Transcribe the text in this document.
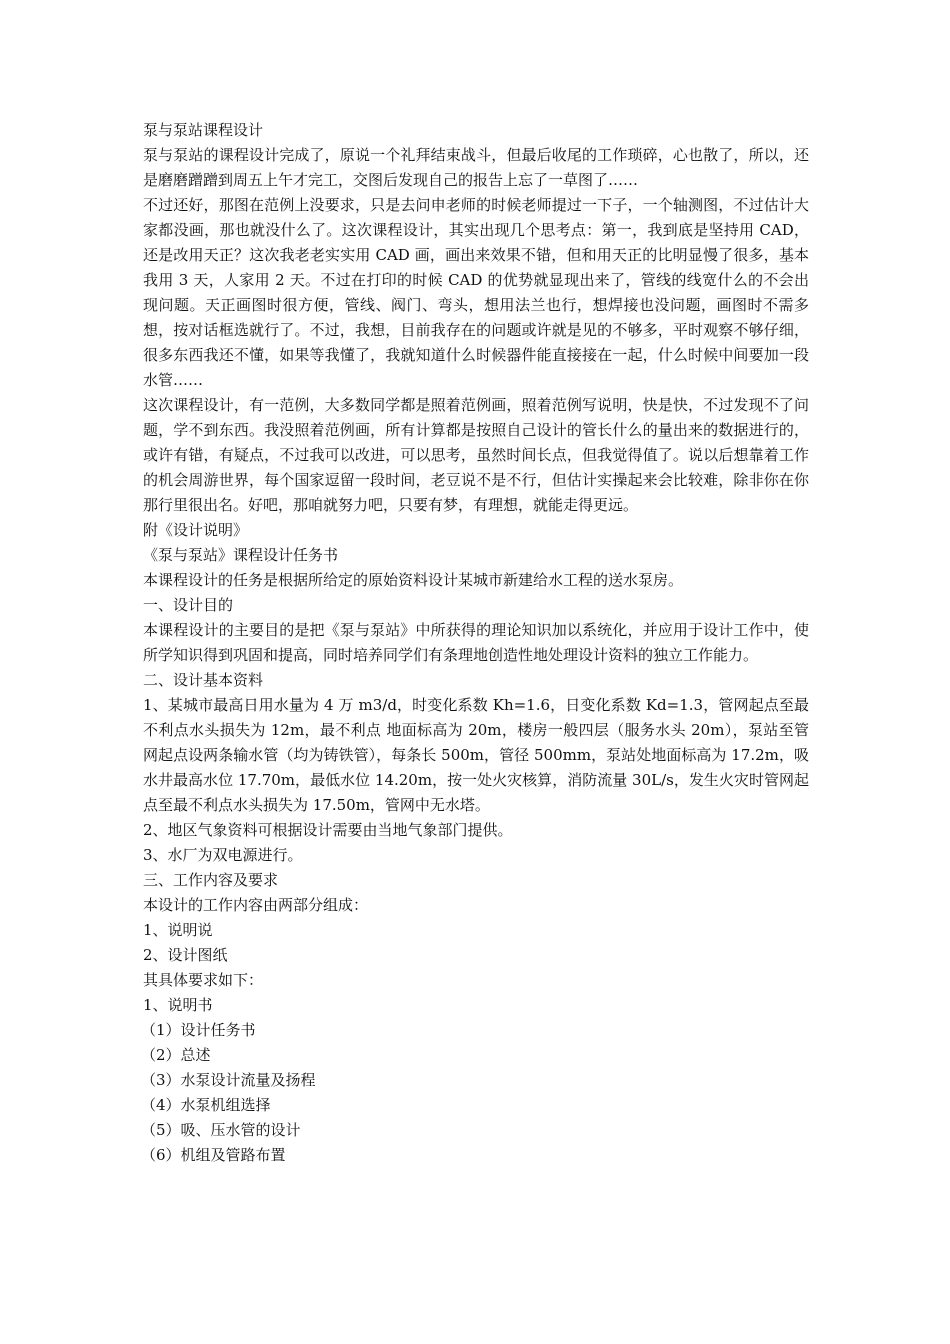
泵与泵站课程设计

泵与泵站的课程设计完成了，原说一个礼拜结束战斗，但最后收尾的工作琐碎，心也散了，所以，还是磨磨蹭蹭到周五上午才完工，交图后发现自己的报告上忘了一草图了……

不过还好，那图在范例上没要求，只是去问申老师的时候老师提过一下子，一个轴测图，不过估计大家都没画，那也就没什么了。这次课程设计，其实出现几个思考点：第一，我到底是坚持用 CAD，还是改用天正？这次我老老实实用 CAD 画，画出来效果不错，但和用天正的比明显慢了很多，基本我用 3 天，人家用 2 天。不过在打印的时候 CAD 的优势就显现出来了，管线的线宽什么的不会出现问题。天正画图时很方便，管线、阀门、弯头，想用法兰也行，想焊接也没问题，画图时不需多想，按对话框选就行了。不过，我想，目前我存在的问题或许就是见的不够多，平时观察不够仔细，很多东西我还不懂，如果等我懂了，我就知道什么时候器件能直接接在一起，什么时候中间要加一段水管……

这次课程设计，有一范例，大多数同学都是照着范例画，照着范例写说明，快是快，不过发现不了问题，学不到东西。我没照着范例画，所有计算都是按照自己设计的管长什么的量出来的数据进行的，或许有错，有疑点，不过我可以改进，可以思考，虽然时间长点，但我觉得值了。说以后想靠着工作的机会周游世界，每个国家逗留一段时间，老豆说不是不行，但估计实操起来会比较难，除非你在你那行里很出名。好吧，那咱就努力吧，只要有梦，有理想，就能走得更远。

附《设计说明》

《泵与泵站》课程设计任务书

本课程设计的任务是根据所给定的原始资料设计某城市新建给水工程的送水泵房。

一、设计目的

本课程设计的主要目的是把《泵与泵站》中所获得的理论知识加以系统化，并应用于设计工作中，使所学知识得到巩固和提高，同时培养同学们有条理地创造性地处理设计资料的独立工作能力。

二、设计基本资料

1、某城市最高日用水量为 4 万 m3/d，时变化系数 Kh=1.6，日变化系数 Kd=1.3，管网起点至最不利点水头损失为 12m，最不利点 地面标高为 20m，楼房一般四层（服务水头 20m），泵站至管网起点设两条输水管（均为铸铁管），每条长 500m，管径 500mm，泵站处地面标高为 17.2m，吸水井最高水位 17.70m，最低水位 14.20m，按一处火灾核算，消防流量 30L/s，发生火灾时管网起点至最不利点水头损失为 17.50m，管网中无水塔。

2、地区气象资料可根据设计需要由当地气象部门提供。

3、水厂为双电源进行。

三、工作内容及要求

本设计的工作内容由两部分组成：

1、说明说

2、设计图纸

其具体要求如下：

1、说明书

（1）设计任务书

（2）总述

（3）水泵设计流量及扬程

（4）水泵机组选择

（5）吸、压水管的设计

（6）机组及管路布置
